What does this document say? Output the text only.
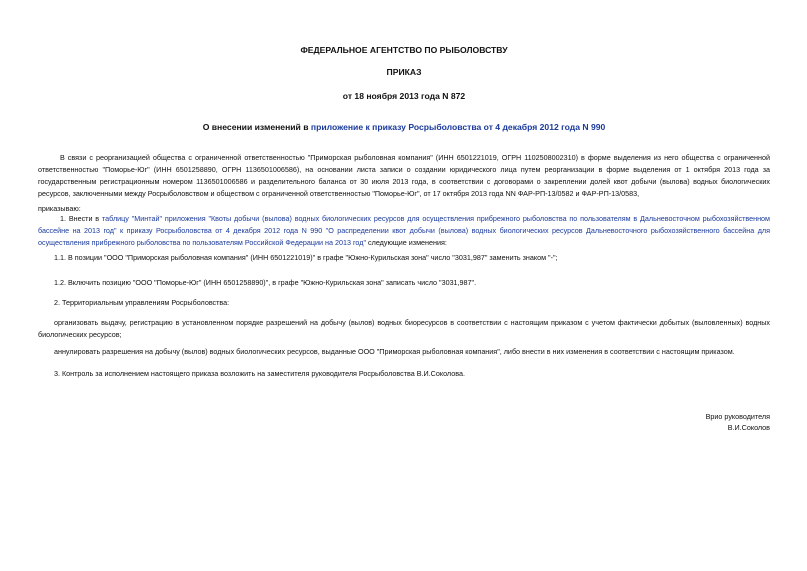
ФЕДЕРАЛЬНОЕ АГЕНТСТВО ПО РЫБОЛОВСТВУ
ПРИКАЗ
от 18 ноября 2013 года N 872
О внесении изменений в приложение к приказу Росрыболовства от 4 декабря 2012 года N 990
В связи с реорганизацией общества с ограниченной ответственностью "Приморская рыболовная компания" (ИНН 6501221019, ОГРН 1102508002310) в форме выделения из него общества с ограниченной ответственностью "Поморье-Юг" (ИНН 6501258890, ОГРН 1136501006586), на основании листа записи о создании юридического лица путем реорганизации в форме выделения от 1 октября 2013 года за государственным регистрационным номером 1136501006586 и разделительного баланса от 30 июля 2013 года, в соответствии с договорами о закреплении долей квот добычи (вылова) водных биологических ресурсов, заключенными между Росрыболовством и обществом с ограниченной ответственностью "Поморье-Юг", от 17 октября 2013 года NN ФАР-РП-13/0582 и ФАР-РП-13/0583,
приказываю:
1. Внести в таблицу "Минтай" приложения "Квоты добычи (вылова) водных биологических ресурсов для осуществления прибрежного рыболовства по пользователям в Дальневосточном рыбохозяйственном бассейне на 2013 год" к приказу Росрыболовства от 4 декабря 2012 года N 990 "О распределении квот добычи (вылова) водных биологических ресурсов Дальневосточного рыбохозяйственного бассейна для осуществления прибрежного рыболовства по пользователям Российской Федерации на 2013 год" следующие изменения:
1.1. В позиции "ООО "Приморская рыболовная компания" (ИНН 6501221019)" в графе "Южно-Курильская зона" число "3031,987" заменить знаком "-";
1.2. Включить позицию "ООО "Поморье-Юг" (ИНН 6501258890)", в графе "Южно-Курильская зона" записать число "3031,987".
2. Территориальным управлениям Росрыболовства:
организовать выдачу, регистрацию в установленном порядке разрешений на добычу (вылов) водных биоресурсов в соответствии с настоящим приказом с учетом фактически добытых (выловленных) водных биологических ресурсов;
аннулировать разрешения на добычу (вылов) водных биологических ресурсов, выданные ООО "Приморская рыболовная компания", либо внести в них изменения в соответствии с настоящим приказом.
3. Контроль за исполнением настоящего приказа возложить на заместителя руководителя Росрыболовства В.И.Соколова.
Врио руководителя
В.И.Соколов
